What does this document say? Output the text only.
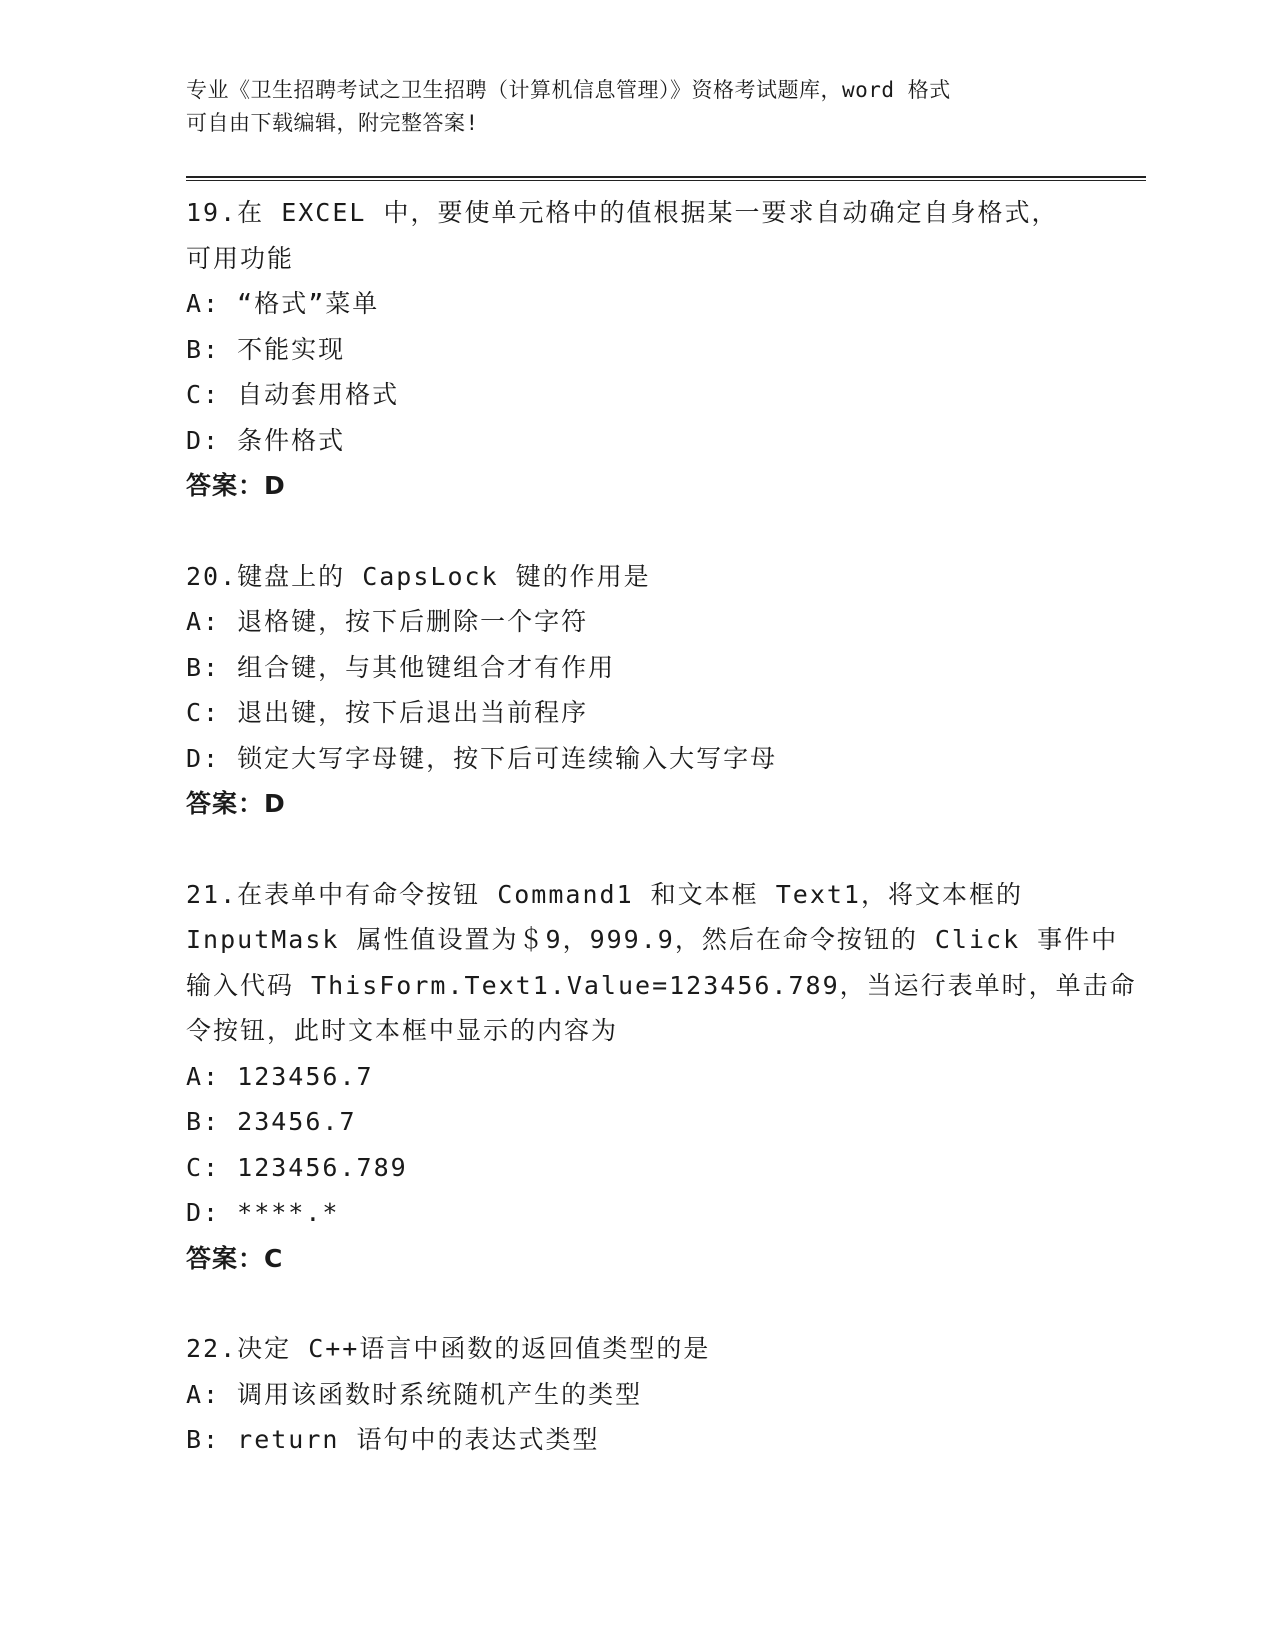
专业《卫生招聘考试之卫生招聘（计算机信息管理）》资格考试题库，word 格式
可自由下载编辑，附完整答案!
19.在 EXCEL 中，要使单元格中的值根据某一要求自动确定自身格式，
可用功能
A: “格式”菜单
B: 不能实现
C: 自动套用格式
D: 条件格式
答案：D
20.键盘上的 CapsLock 键的作用是
A: 退格键，按下后删除一个字符
B: 组合键，与其他键组合才有作用
C: 退出键，按下后退出当前程序
D: 锁定大写字母键，按下后可连续输入大写字母
答案：D
21.在表单中有命令按钮 Command1 和文本框 Text1，将文本框的
InputMask 属性值设置为＄9，999.9，然后在命令按钮的 Click 事件中
输入代码 ThisForm.Text1.Value=123456.789，当运行表单时，单击命
令按钮，此时文本框中显示的内容为
A: 123456.7
B: 23456.7
C: 123456.789
D: ****.*
答案：C
22.决定 C++语言中函数的返回值类型的是
A: 调用该函数时系统随机产生的类型
B: return 语句中的表达式类型
